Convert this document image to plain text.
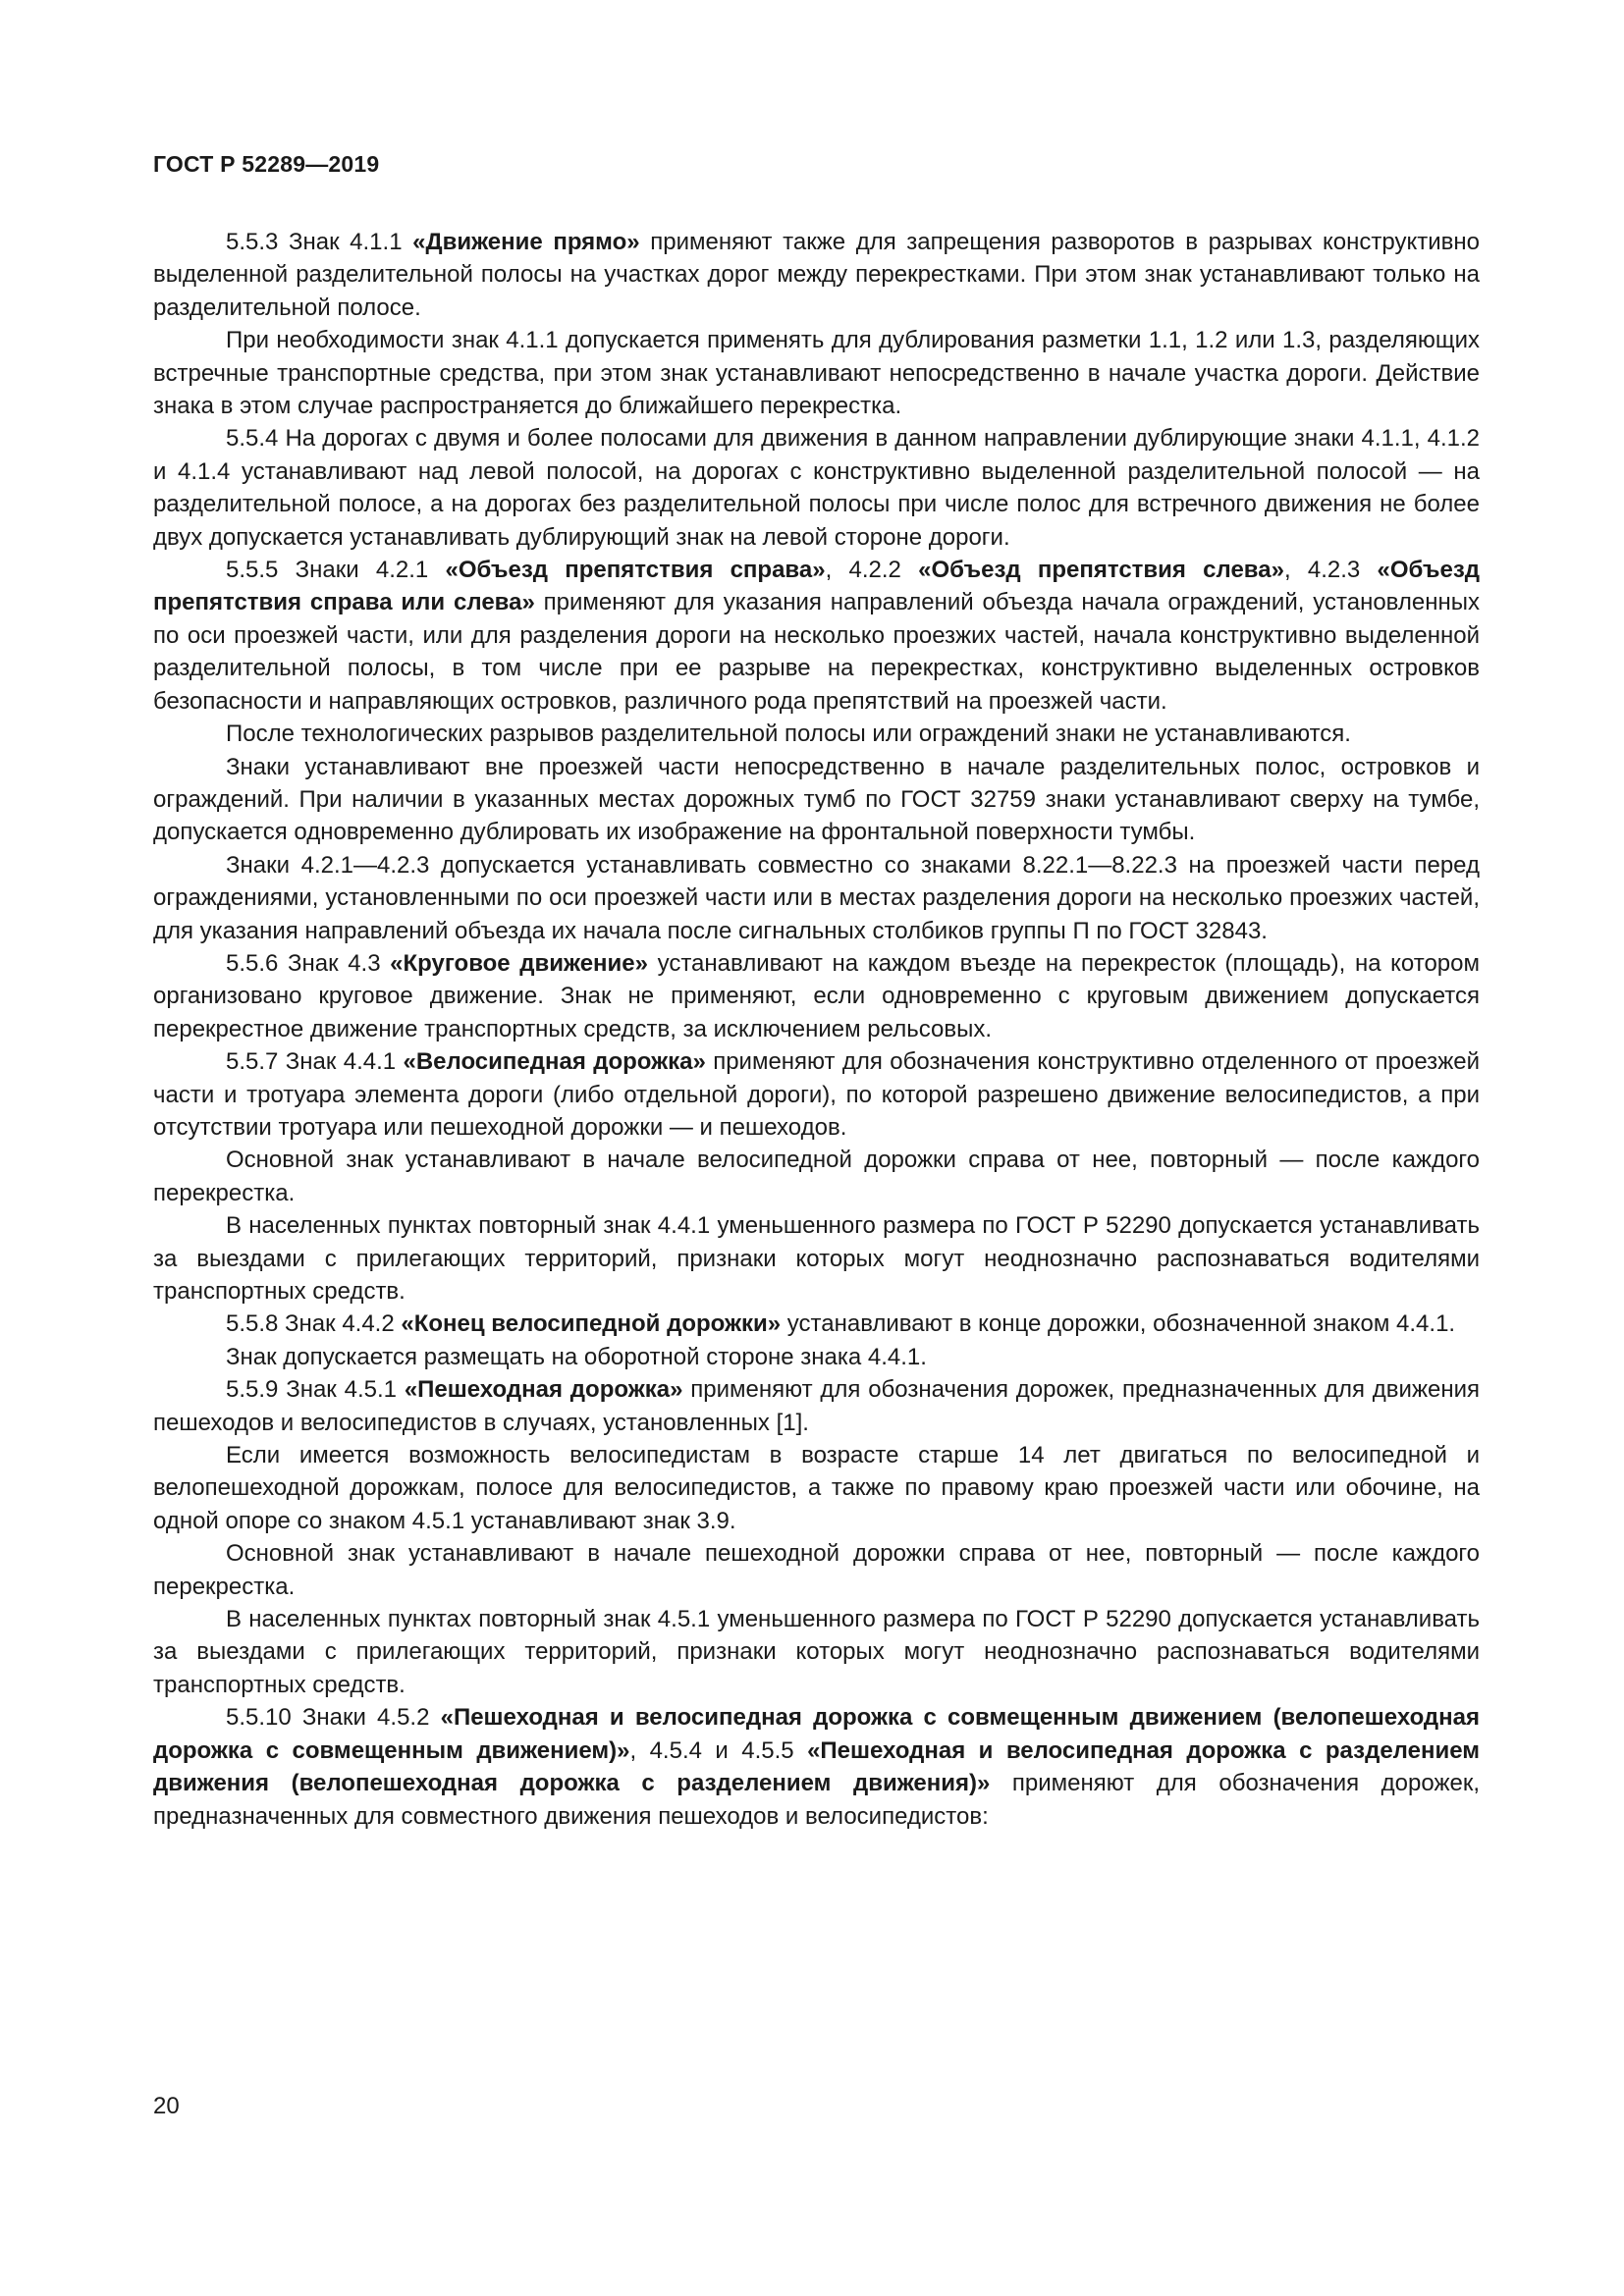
ГОСТ Р 52289—2019

5.5.3 Знак 4.1.1 «Движение прямо» применяют также для запрещения разворотов в разрывах конструктивно выделенной разделительной полосы на участках дорог между перекрестками. При этом знак устанавливают только на разделительной полосе.

При необходимости знак 4.1.1 допускается применять для дублирования разметки 1.1, 1.2 или 1.3, разделяющих встречные транспортные средства, при этом знак устанавливают непосредственно в начале участка дороги. Действие знака в этом случае распространяется до ближайшего перекрестка.

5.5.4 На дорогах с двумя и более полосами для движения в данном направлении дублирующие знаки 4.1.1, 4.1.2 и 4.1.4 устанавливают над левой полосой, на дорогах с конструктивно выделенной разделительной полосой — на разделительной полосе, а на дорогах без разделительной полосы при числе полос для встречного движения не более двух допускается устанавливать дублирующий знак на левой стороне дороги.

5.5.5 Знаки 4.2.1 «Объезд препятствия справа», 4.2.2 «Объезд препятствия слева», 4.2.3 «Объезд препятствия справа или слева» применяют для указания направлений объезда начала ограждений, установленных по оси проезжей части, или для разделения дороги на несколько проезжих частей, начала конструктивно выделенной разделительной полосы, в том числе при ее разрыве на перекрестках, конструктивно выделенных островков безопасности и направляющих островков, различного рода препятствий на проезжей части.

После технологических разрывов разделительной полосы или ограждений знаки не устанавливаются.

Знаки устанавливают вне проезжей части непосредственно в начале разделительных полос, островков и ограждений. При наличии в указанных местах дорожных тумб по ГОСТ 32759 знаки устанавливают сверху на тумбе, допускается одновременно дублировать их изображение на фронтальной поверхности тумбы.

Знаки 4.2.1—4.2.3 допускается устанавливать совместно со знаками 8.22.1—8.22.3 на проезжей части перед ограждениями, установленными по оси проезжей части или в местах разделения дороги на несколько проезжих частей, для указания направлений объезда их начала после сигнальных столбиков группы П по ГОСТ 32843.

5.5.6 Знак 4.3 «Круговое движение» устанавливают на каждом въезде на перекресток (площадь), на котором организовано круговое движение. Знак не применяют, если одновременно с круговым движением допускается перекрестное движение транспортных средств, за исключением рельсовых.

5.5.7 Знак 4.4.1 «Велосипедная дорожка» применяют для обозначения конструктивно отделенного от проезжей части и тротуара элемента дороги (либо отдельной дороги), по которой разрешено движение велосипедистов, а при отсутствии тротуара или пешеходной дорожки — и пешеходов.

Основной знак устанавливают в начале велосипедной дорожки справа от нее, повторный — после каждого перекрестка.

В населенных пунктах повторный знак 4.4.1 уменьшенного размера по ГОСТ Р 52290 допускается устанавливать за выездами с прилегающих территорий, признаки которых могут неоднозначно распознаваться водителями транспортных средств.

5.5.8 Знак 4.4.2 «Конец велосипедной дорожки» устанавливают в конце дорожки, обозначенной знаком 4.4.1.

Знак допускается размещать на оборотной стороне знака 4.4.1.

5.5.9 Знак 4.5.1 «Пешеходная дорожка» применяют для обозначения дорожек, предназначенных для движения пешеходов и велосипедистов в случаях, установленных [1].

Если имеется возможность велосипедистам в возрасте старше 14 лет двигаться по велосипедной и велопешеходной дорожкам, полосе для велосипедистов, а также по правому краю проезжей части или обочине, на одной опоре со знаком 4.5.1 устанавливают знак 3.9.

Основной знак устанавливают в начале пешеходной дорожки справа от нее, повторный — после каждого перекрестка.

В населенных пунктах повторный знак 4.5.1 уменьшенного размера по ГОСТ Р 52290 допускается устанавливать за выездами с прилегающих территорий, признаки которых могут неоднозначно распознаваться водителями транспортных средств.

5.5.10 Знаки 4.5.2 «Пешеходная и велосипедная дорожка с совмещенным движением (велопешеходная дорожка с совмещенным движением)», 4.5.4 и 4.5.5 «Пешеходная и велосипедная дорожка с разделением движения (велопешеходная дорожка с разделением движения)» применяют для обозначения дорожек, предназначенных для совместного движения пешеходов и велосипедистов:

20
